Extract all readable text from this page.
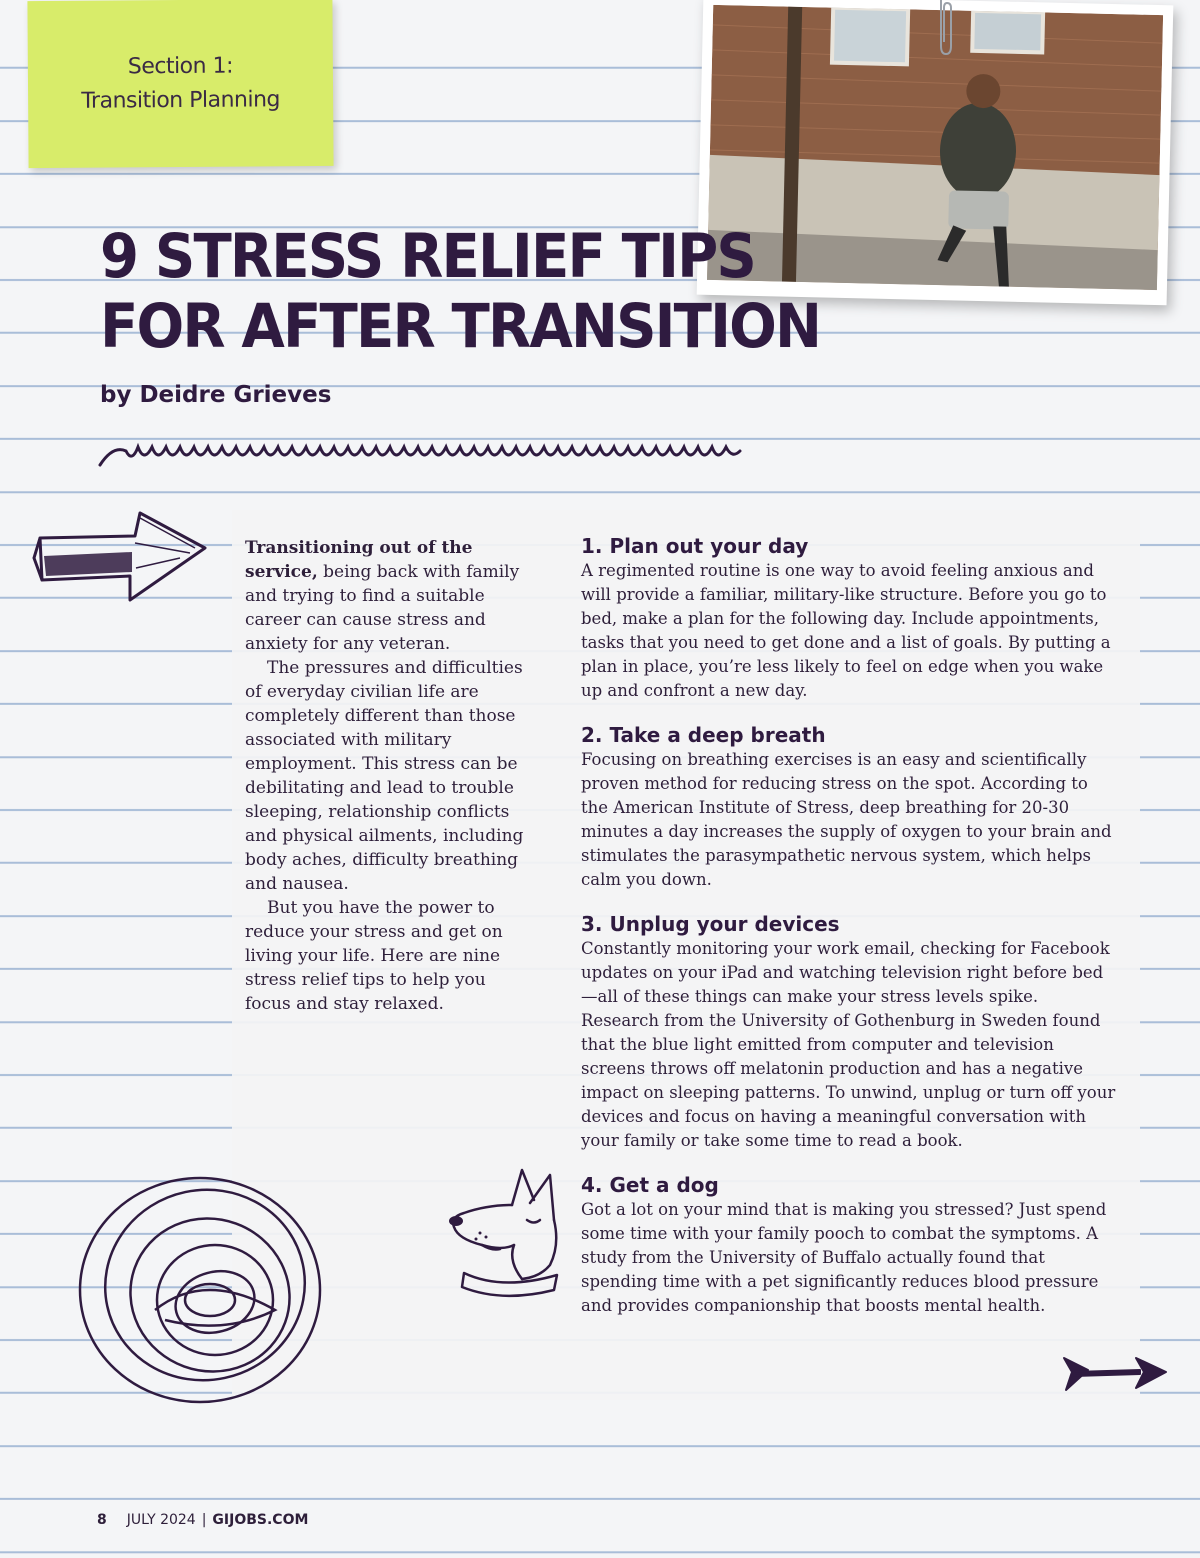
Section 1:
Transition Planning
9 STRESS RELIEF TIPS
FOR AFTER TRANSITION
by Deidre Grieves

Transitioning out of the service, being back with family and trying to find a suitable career can cause stress and anxiety for any veteran.

The pressures and difficulties of everyday civilian life are completely different than those associated with military employment. This stress can be debilitating and lead to trouble sleeping, relationship conflicts and physical ailments, including body aches, difficulty breathing and nausea.

But you have the power to reduce your stress and get on living your life. Here are nine stress relief tips to help you focus and stay relaxed.

1. Plan out your day

A regimented routine is one way to avoid feeling anxious and will provide a familiar, military-like structure. Before you go to bed, make a plan for the following day. Include appointments, tasks that you need to get done and a list of goals. By putting a plan in place, you’re less likely to feel on edge when you wake up and confront a new day.

2. Take a deep breath

Focusing on breathing exercises is an easy and scientifically proven method for reducing stress on the spot. According to the American Institute of Stress, deep breathing for 20-30 minutes a day increases the supply of oxygen to your brain and stimulates the parasympathetic nervous system, which helps calm you down.

3. Unplug your devices

Constantly monitoring your work email, checking for Facebook updates on your iPad and watching television right before bed—all of these things can make your stress levels spike. Research from the University of Gothenburg in Sweden found that the blue light emitted from computer and television screens throws off melatonin production and has a negative impact on sleeping patterns. To unwind, unplug or turn off your devices and focus on having a meaningful conversation with your family or take some time to read a book.

4. Get a dog

Got a lot on your mind that is making you stressed? Just spend some time with your family pooch to combat the symptoms. A study from the University of Buffalo actually found that spending time with a pet significantly reduces blood pressure and provides companionship that boosts mental health.

8 JULY 2024 | GIJOBS.COM
